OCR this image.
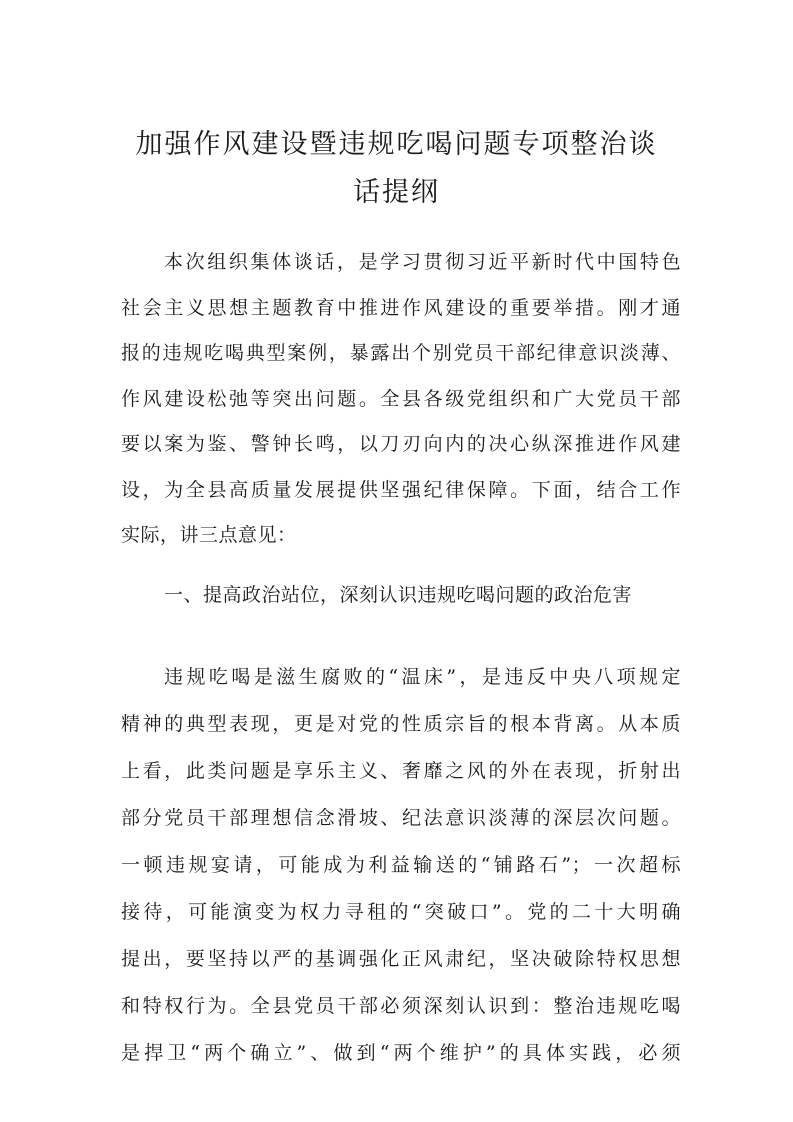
加强作风建设暨违规吃喝问题专项整治谈
话提纲
本次组织集体谈话，是学习贯彻习近平新时代中国特色
社会主义思想主题教育中推进作风建设的重要举措。刚才通
报的违规吃喝典型案例，暴露出个别党员干部纪律意识淡薄、
作风建设松弛等突出问题。全县各级党组织和广大党员干部
要以案为鉴、警钟长鸣，以刀刃向内的决心纵深推进作风建
设，为全县高质量发展提供坚强纪律保障。下面，结合工作
实际，讲三点意见：
一、提高政治站位，深刻认识违规吃喝问题的政治危害
违规吃喝是滋生腐败的“温床”，是违反中央八项规定
精神的典型表现，更是对党的性质宗旨的根本背离。从本质
上看，此类问题是享乐主义、奢靡之风的外在表现，折射出
部分党员干部理想信念滑坡、纪法意识淡薄的深层次问题。
一顿违规宴请，可能成为利益输送的“铺路石”；一次超标
接待，可能演变为权力寻租的“突破口”。党的二十大明确
提出，要坚持以严的基调强化正风肃纪，坚决破除特权思想
和特权行为。全县党员干部必须深刻认识到：整治违规吃喝
是捍卫“两个确立”、做到“两个维护”的具体实践，必须
